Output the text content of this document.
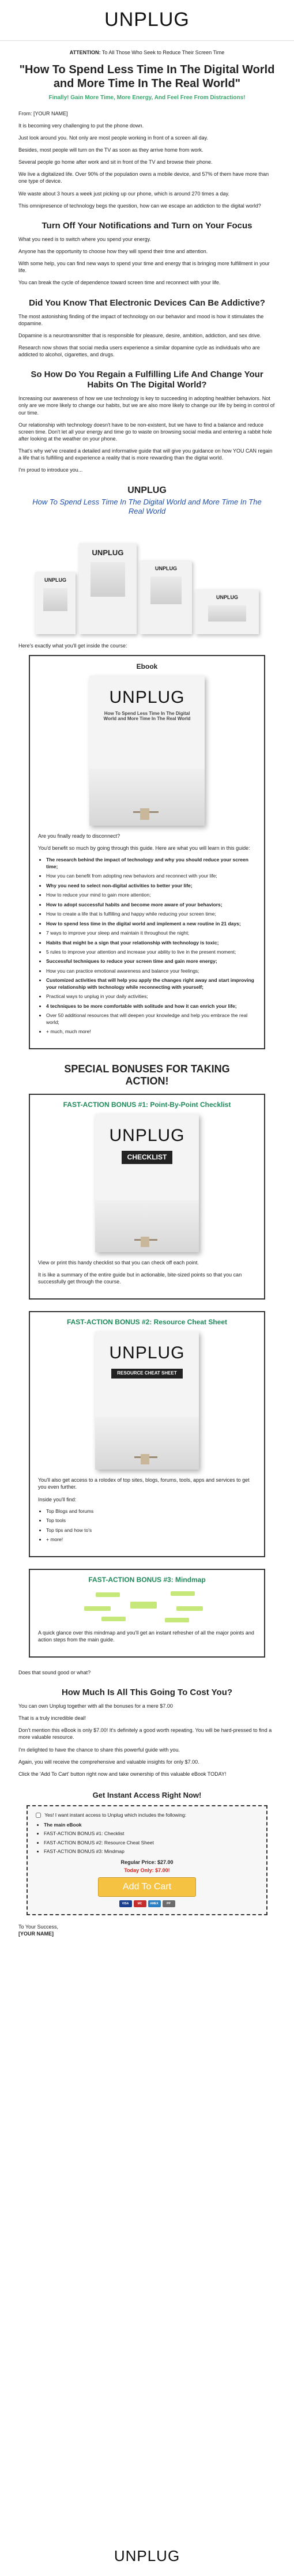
UNPLUG
ATTENTION: To All Those Who Seek to Reduce Their Screen Time
"How To Spend Less Time In The Digital World and More Time In The Real World"
Finally! Gain More Time, More Energy, And Feel Free From Distractions!

From: [YOUR NAME]

It is becoming very challenging to put the phone down.

Just look around you. Not only are most people working in front of a screen all day.

Besides, most people will turn on the TV as soon as they arrive home from work.

Several people go home after work and sit in front of the TV and browse their phone.

We live a digitalized life. Over 90% of the population owns a mobile device, and 57% of them have more than one type of device.

We waste about 3 hours a week just picking up our phone, which is around 270 times a day.

This omnipresence of technology begs the question, how can we escape an addiction to the digital world?

Turn Off Your Notifications and Turn on Your Focus

What you need is to switch where you spend your energy.

Anyone has the opportunity to choose how they will spend their time and attention.

With some help, you can find new ways to spend your time and energy that is bringing more fulfillment in your life.

You can break the cycle of dependence toward screen time and reconnect with your life.

Did You Know That Electronic Devices Can Be Addictive?

The most astonishing finding of the impact of technology on our behavior and mood is how it stimulates the dopamine.

Dopamine is a neurotransmitter that is responsible for pleasure, desire, ambition, addiction, and sex drive.

Research now shows that social media users experience a similar dopamine cycle as individuals who are addicted to alcohol, cigarettes, and drugs.

So How Do You Regain a Fulfilling Life And Change Your Habits On The Digital World?

Increasing our awareness of how we use technology is key to succeeding in adopting healthier behaviors. Not only are we more likely to change our habits, but we are also more likely to change our life by being in control of our time.

Our relationship with technology doesn't have to be non-existent, but we have to find a balance and reduce screen time. Don't let all your energy and time go to waste on browsing social media and entering a rabbit hole after looking at the weather on your phone.

That's why we've created a detailed and informative guide that will give you guidance on how YOU CAN regain a life that is fulfilling and experience a reality that is more rewarding than the digital world.

I'm proud to introduce you...

UNPLUG
How To Spend Less Time In The Digital World and More Time In The Real World
UNPLUG
UNPLUG
UNPLUG
UNPLUG

Here's exactly what you'll get inside the course:

Ebook
UNPLUG
How To Spend Less Time In The Digital World and More Time In The Real World

Are you finally ready to disconnect?

You'd benefit so much by going through this guide. Here are what you will learn in this guide:

• The research behind the impact of technology and why you should reduce your screen time;
• How you can benefit from adopting new behaviors and reconnect with your life;
• Why you need to select non-digital activities to better your life;
• How to reduce your mind to gain more attention;
• How to adopt successful habits and become more aware of your behaviors;
• How to create a life that is fulfilling and happy while reducing your screen time;
• How to spend less time in the digital world and implement a new routine in 21 days;
• 7 ways to improve your sleep and maintain it throughout the night;
• Habits that might be a sign that your relationship with technology is toxic;
• 5 rules to improve your attention and increase your ability to live in the present moment;
• Successful techniques to reduce your screen time and gain more energy;
• How you can practice emotional awareness and balance your feelings;
• Customized activities that will help you apply the changes right away and start improving your relationship with technology while reconnecting with yourself;
• Practical ways to unplug in your daily activities;
• 4 techniques to be more comfortable with solitude and how it can enrich your life;
• Over 50 additional resources that will deepen your knowledge and help you embrace the real world;
• + much, much more!
SPECIAL BONUSES FOR TAKING ACTION!
FAST-ACTION BONUS #1: Point-By-Point Checklist
UNPLUG
CHECKLIST

View or print this handy checklist so that you can check off each point.

It is like a summary of the entire guide but in actionable, bite-sized points so that you can successfully get through the course.

FAST-ACTION BONUS #2: Resource Cheat Sheet
UNPLUG
RESOURCE CHEAT SHEET

You'll also get access to a rolodex of top sites, blogs, forums, tools, apps and services to get you even further.

Inside you'll find:

• Top Blogs and forums
• Top tools
• Top tips and how to's
• + more!
FAST-ACTION BONUS #3: Mindmap

A quick glance over this mindmap and you'll get an instant refresher of all the major points and action steps from the main guide.

Does that sound good or what?

How Much Is All This Going To Cost You?

You can own Unplug together with all the bonuses for a mere $7.00

That is a truly incredible deal!

Don't mention this eBook is only $7.00! It's definitely a good worth repeating. You will be hard-pressed to find a more valuable resource.

I'm delighted to have the chance to share this powerful guide with you.

Again, you will receive the comprehensive and valuable insights for only $7.00.

Click the 'Add To Cart' button right now and take ownership of this valuable eBook TODAY!

Get Instant Access Right Now!
Yes! I want instant access to Unplug which includes the following:
• The main eBook
• FAST-ACTION BONUS #1: Checklist
• FAST-ACTION BONUS #2: Resource Cheat Sheet
• FAST-ACTION BONUS #3: Mindmap
Regular Price: $27.00
Today Only: $7.00!
Add To Cart
VISA	MC	AMEX	PP

To Your Success,

[YOUR NAME]

UNPLUG
